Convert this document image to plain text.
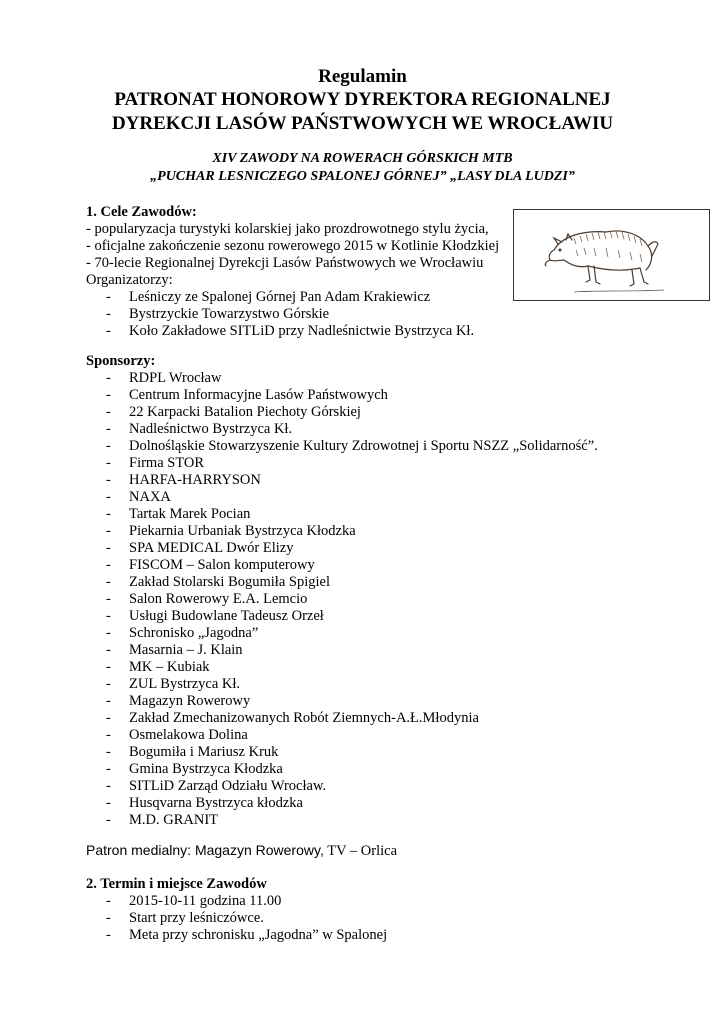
Regulamin
PATRONAT HONOROWY DYREKTORA REGIONALNEJ
DYREKCJI LASÓW PAŃSTWOWYCH WE WROCŁAWIU
XIV ZAWODY NA ROWERACH GÓRSKICH MTB
„PUCHAR LESNICZEGO SPALONEJ GÓRNEJ” „LASY DLA LUDZI”
1. Cele Zawodów:
- popularyzacja turystyki kolarskiej jako prozdrowotnego stylu życia,
- oficjalne zakończenie sezonu rowerowego 2015 w Kotlinie Kłodzkiej
- 70-lecie Regionalnej Dyrekcji Lasów Państwowych we Wrocławiu
Organizatorzy:
- Leśniczy ze Spalonej Górnej Pan Adam Krakiewicz
- Bystrzyckie Towarzystwo Górskie
- Koło Zakładowe SITLiD przy Nadleśnictwie Bystrzyca Kł.
Sponsorzy:
- RDPL Wrocław
- Centrum Informacyjne Lasów Państwowych
- 22 Karpacki Batalion Piechoty Górskiej
- Nadleśnictwo Bystrzyca Kł.
- Dolnośląskie Stowarzyszenie Kultury Zdrowotnej i Sportu NSZZ „Solidarność”.
- Firma STOR
- HARFA-HARRYSON
- NAXA
- Tartak Marek Pocian
- Piekarnia Urbaniak Bystrzyca Kłodzka
- SPA MEDICAL Dwór Elizy
- FISCOM – Salon komputerowy
- Zakład Stolarski Bogumiła Spigiel
- Salon Rowerowy E.A. Lemcio
- Usługi Budowlane Tadeusz Orzeł
- Schronisko „Jagodna”
- Masarnia – J. Klain
- MK – Kubiak
- ZUL Bystrzyca Kł.
- Magazyn Rowerowy
- Zakład Zmechanizowanych Robót Ziemnych-A.Ł.Młodynia
- Osmelakowa Dolina
- Bogumiła i Mariusz Kruk
- Gmina Bystrzyca Kłodzka
- SITLiD Zarząd Odziału Wrocław.
- Husqvarna Bystrzyca kłodzka
- M.D. GRANIT
Patron medialny: Magazyn Rowerowy, TV – Orlica
2. Termin i miejsce Zawodów
- 2015-10-11 godzina 11.00
- Start przy leśniczówce.
- Meta przy schronisku „Jagodna” w Spalonej
